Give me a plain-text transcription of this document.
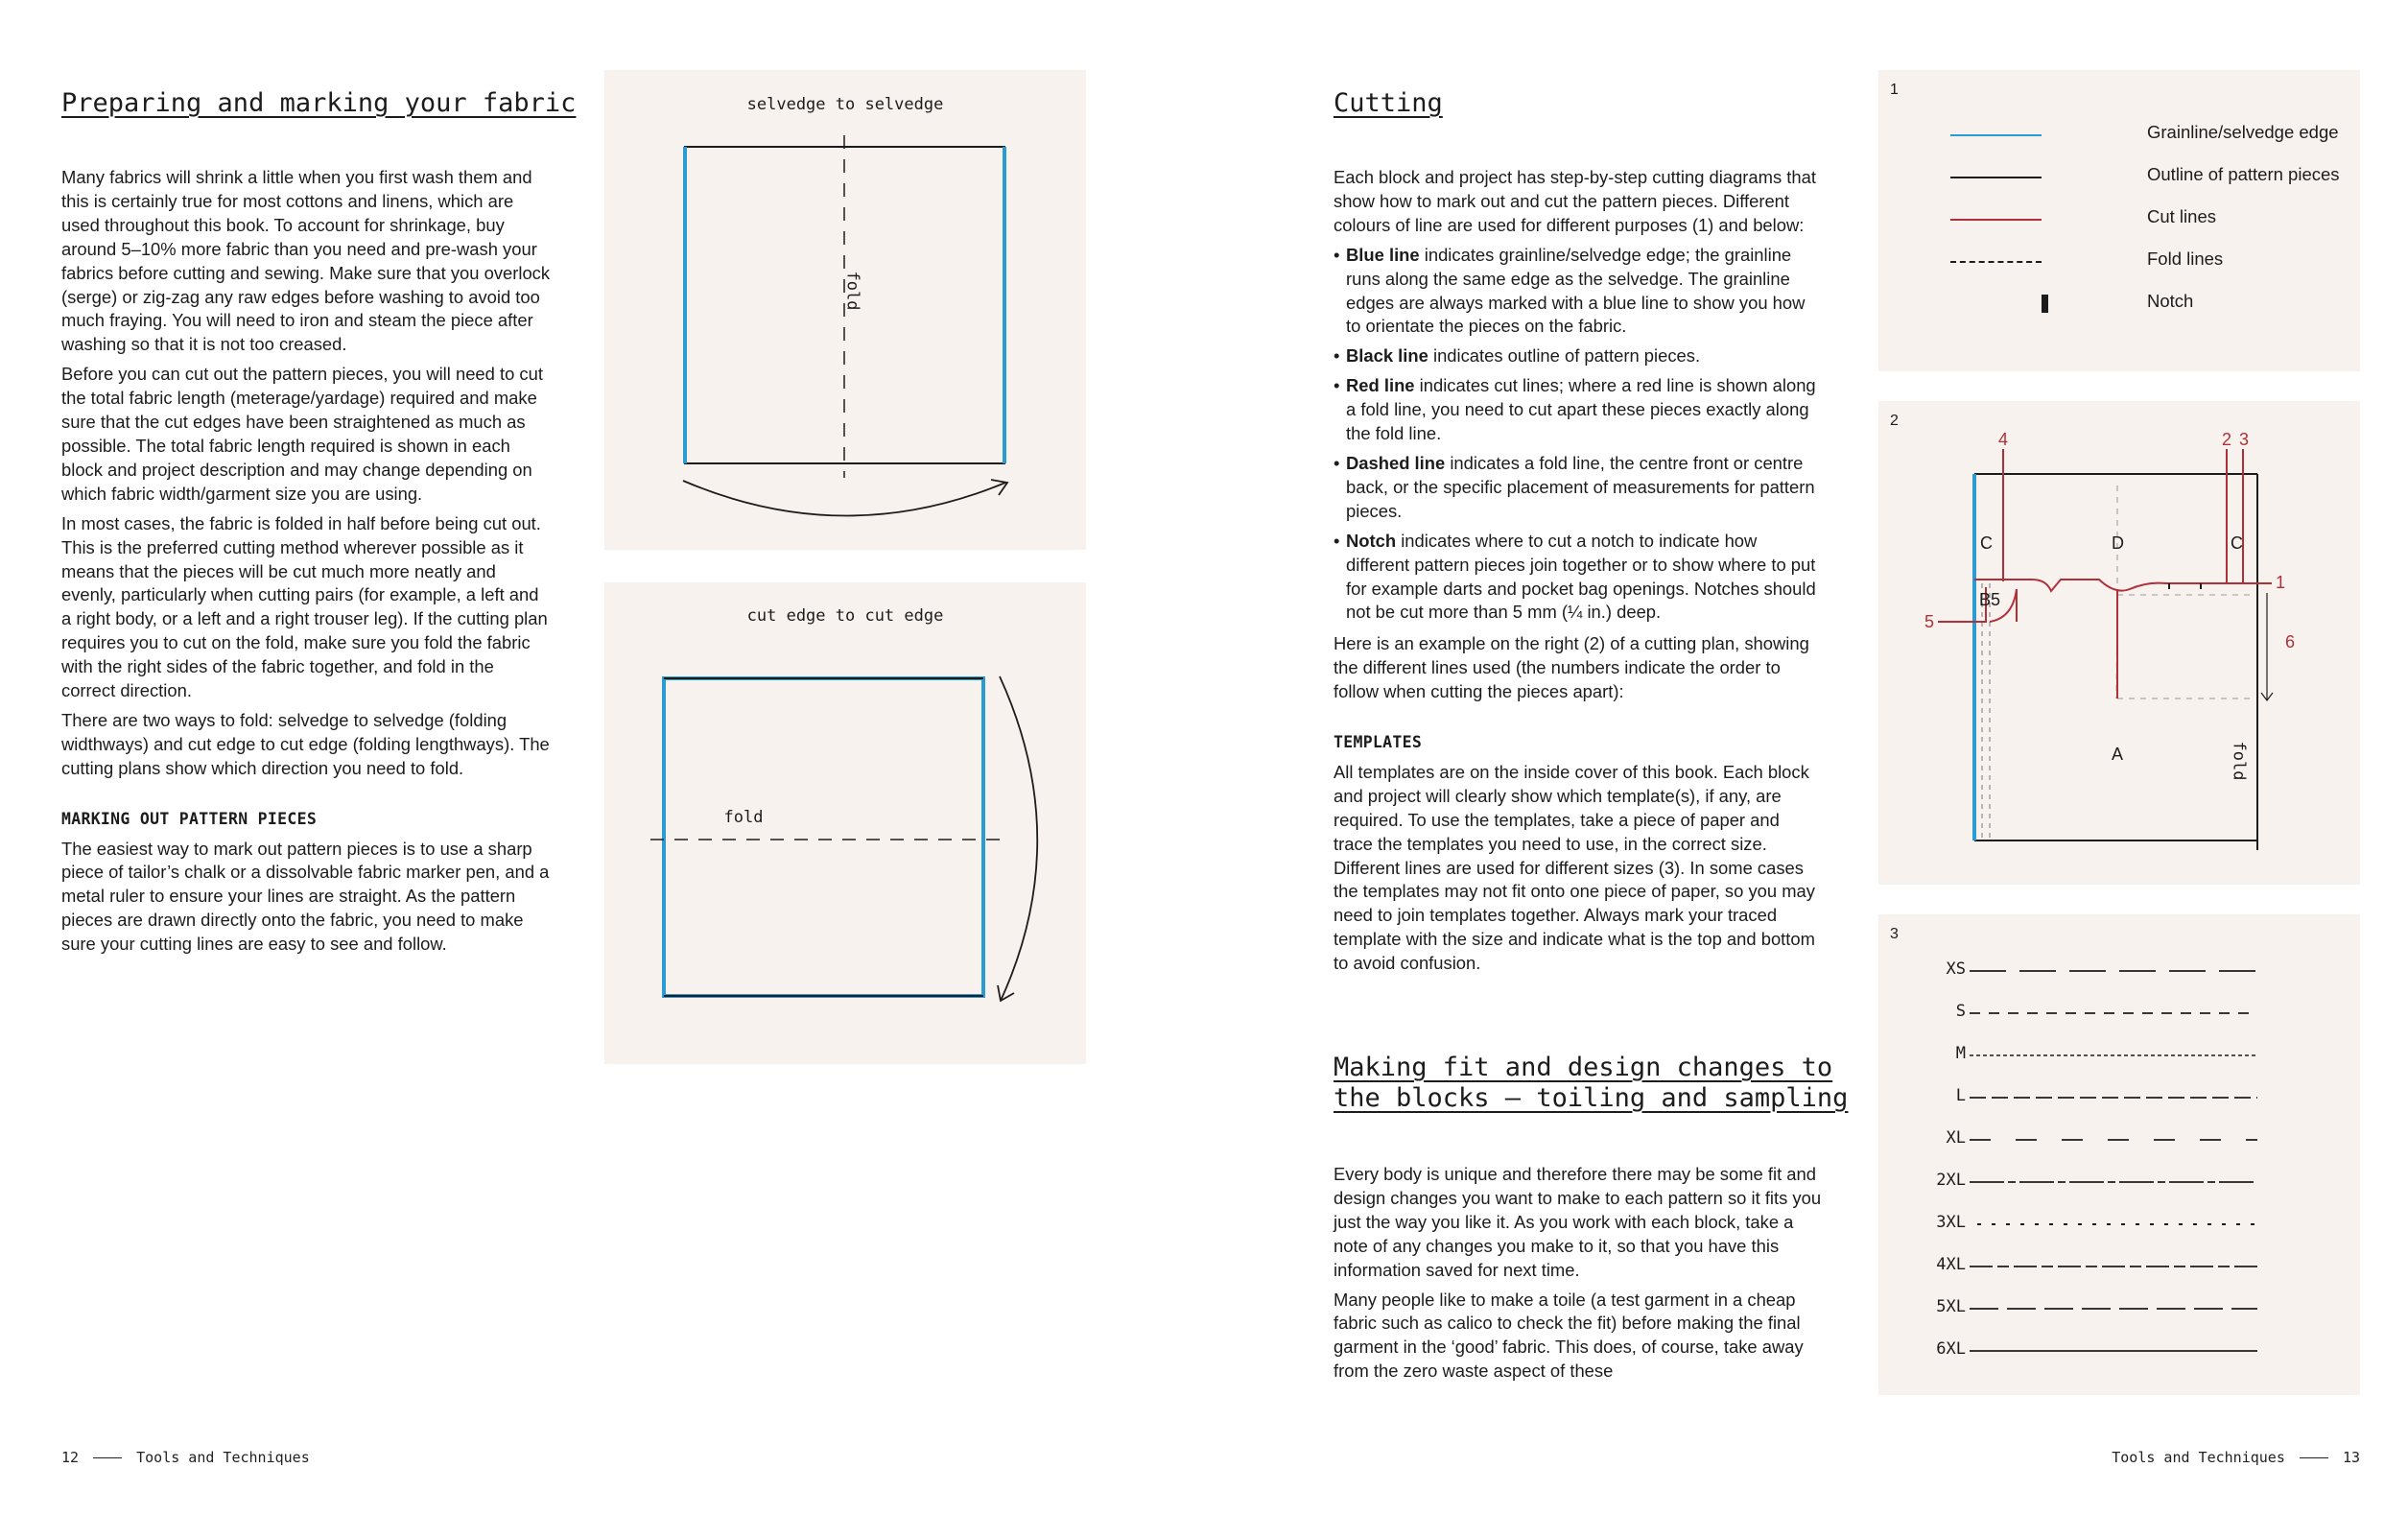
Preparing and marking your fabric

Many fabrics will shrink a little when you first wash them and this is certainly true for most cottons and linens, which are used throughout this book. To account for shrinkage, buy around 5–10% more fabric than you need and pre-wash your fabrics before cutting and sewing. Make sure that you overlock (serge) or zig-zag any raw edges before washing to avoid too much fraying. You will need to iron and steam the piece after washing so that it is not too creased.

Before you can cut out the pattern pieces, you will need to cut the total fabric length (meterage/yardage) required and make sure that the cut edges have been straightened as much as possible. The total fabric length required is shown in each block and project description and may change depending on which fabric width/garment size you are using.

In most cases, the fabric is folded in half before being cut out. This is the preferred cutting method wherever possible as it means that the pieces will be cut much more neatly and evenly, particularly when cutting pairs (for example, a left and a right body, or a left and a right trouser leg). If the cutting plan requires you to cut on the fold, make sure you fold the fabric with the right sides of the fabric together, and fold in the correct direction.

There are two ways to fold: selvedge to selvedge (folding widthways) and cut edge to cut edge (folding lengthways). The cutting plans show which direction you need to fold.

MARKING OUT PATTERN PIECES

The easiest way to mark out pattern pieces is to use a sharp piece of tailor’s chalk or a dissolvable fabric marker pen, and a metal ruler to ensure your lines are straight. As the pattern pieces are drawn directly onto the fabric, you need to make sure your cutting lines are easy to see and follow.

selvedge to selvedge
fold
cut edge to cut edge
fold
12	Tools and Techniques
Cutting

Each block and project has step-by-step cutting diagrams that show how to mark out and cut the pattern pieces. Different colours of line are used for different purposes (1) and below:

• Blue line indicates grainline/selvedge edge; the grainline runs along the same edge as the selvedge. The grainline edges are always marked with a blue line to show you how to orientate the pieces on the fabric.
• Black line indicates outline of pattern pieces.
• Red line indicates cut lines; where a red line is shown along a fold line, you need to cut apart these pieces exactly along the fold line.
• Dashed line indicates a fold line, the centre front or centre back, or the specific placement of measurements for pattern pieces.
• Notch indicates where to cut a notch to indicate how different pattern pieces join together or to show where to put for example darts and pocket bag openings. Notches should not be cut more than 5 mm (¼ in.) deep.

Here is an example on the right (2) of a cutting plan, showing the different lines used (the numbers indicate the order to follow when cutting the pieces apart):

TEMPLATES

All templates are on the inside cover of this book. Each block and project will clearly show which template(s), if any, are required. To use the templates, take a piece of paper and trace the templates you need to use, in the correct size. Different lines are used for different sizes (3). In some cases the templates may not fit onto one piece of paper, so you may need to join templates together. Always mark your traced template with the size and indicate what is the top and bottom to avoid confusion.

Making fit and design changes to
the blocks – toiling and sampling

Every body is unique and therefore there may be some fit and design changes you want to make to each pattern so it fits you just the way you like it. As you work with each block, take a note of any changes you make to it, so that you have this information saved for next time.

Many people like to make a toile (a test garment in a cheap fabric such as calico to check the fit) before making the final garment in the ‘good’ fabric. This does, of course, take away from the zero waste aspect of these

1
Grainline/selvedge edge
Outline of pattern pieces
Cut lines
Fold lines
Notch
2
C	D	C
B5
A
4	2 3
1
5
6
fold
3
XS
S
M
L
XL
2XL
3XL
4XL
5XL
6XL
Tools and Techniques	13
